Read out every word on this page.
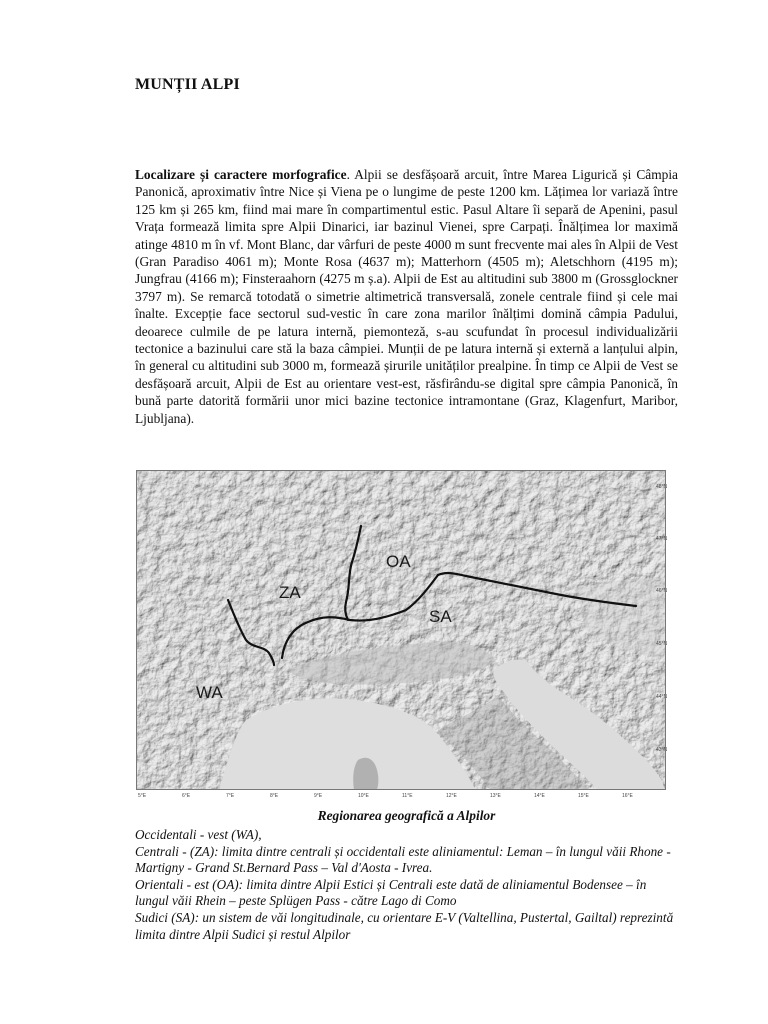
MUNȚII ALPI

Localizare și caractere morfografice. Alpii se desfășoară arcuit, între Marea Ligurică și Câmpia Panonică, aproximativ între Nice și Viena pe o lungime de peste 1200 km. Lățimea lor variază între 125 km și 265 km, fiind mai mare în compartimentul estic. Pasul Altare îi separă de Apenini, pasul Vrața formează limita spre Alpii Dinarici, iar bazinul Vienei, spre Carpați. Înălțimea lor maximă atinge 4810 m în vf. Mont Blanc, dar vârfuri de peste 4000 m sunt frecvente mai ales în Alpii de Vest (Gran Paradiso 4061 m); Monte Rosa (4637 m); Matterhorn (4505 m); Aletschhorn (4195 m); Jungfrau (4166 m); Finsteraahorn (4275 m ș.a). Alpii de Est au altitudini sub 3800 m (Grossglockner 3797 m). Se remarcă totodată o simetrie altimetrică transversală, zonele centrale fiind și cele mai înalte. Excepție face sectorul sud-vestic în care zona marilor înălțimi domină câmpia Padului, deoarece culmile de pe latura internă, piemonteză, s-au scufundat în procesul individualizării tectonice a bazinului care stă la baza câmpiei. Munții de pe latura internă și externă a lanțului alpin, în general cu altitudini sub 3000 m, formează șirurile unităților prealpine. În timp ce Alpii de Vest se desfășoară arcuit, Alpii de Est au orientare vest-est, răsfirându-se digital spre câmpia Panonică, în bună parte datorită formării unor mici bazine tectonice intramontane (Graz, Klagenfurt, Maribor, Ljubljana).

WA
ZA
OA
SA
48°N
47°N
46°N
45°N
44°N
43°N
5°E	6°E	7°E	8°E	9°E	10°E	11°E	12°E	13°E	14°E	15°E	16°E
Regionarea geografică a Alpilor

Occidentali - vest (WA),

Centrali - (ZA): limita dintre centrali și occidentali este aliniamentul: Leman – în lungul văii Rhone - Martigny - Grand St.Bernard Pass – Val d'Aosta - Ivrea.

Orientali - est (OA): limita dintre Alpii Estici și Centrali este dată de aliniamentul Bodensee – în lungul văii Rhein – peste Splügen Pass - către Lago di Como

Sudici (SA): un sistem de văi longitudinale, cu orientare E-V (Valtellina, Pustertal, Gailtal) reprezintă limita dintre Alpii Sudici și restul Alpilor
